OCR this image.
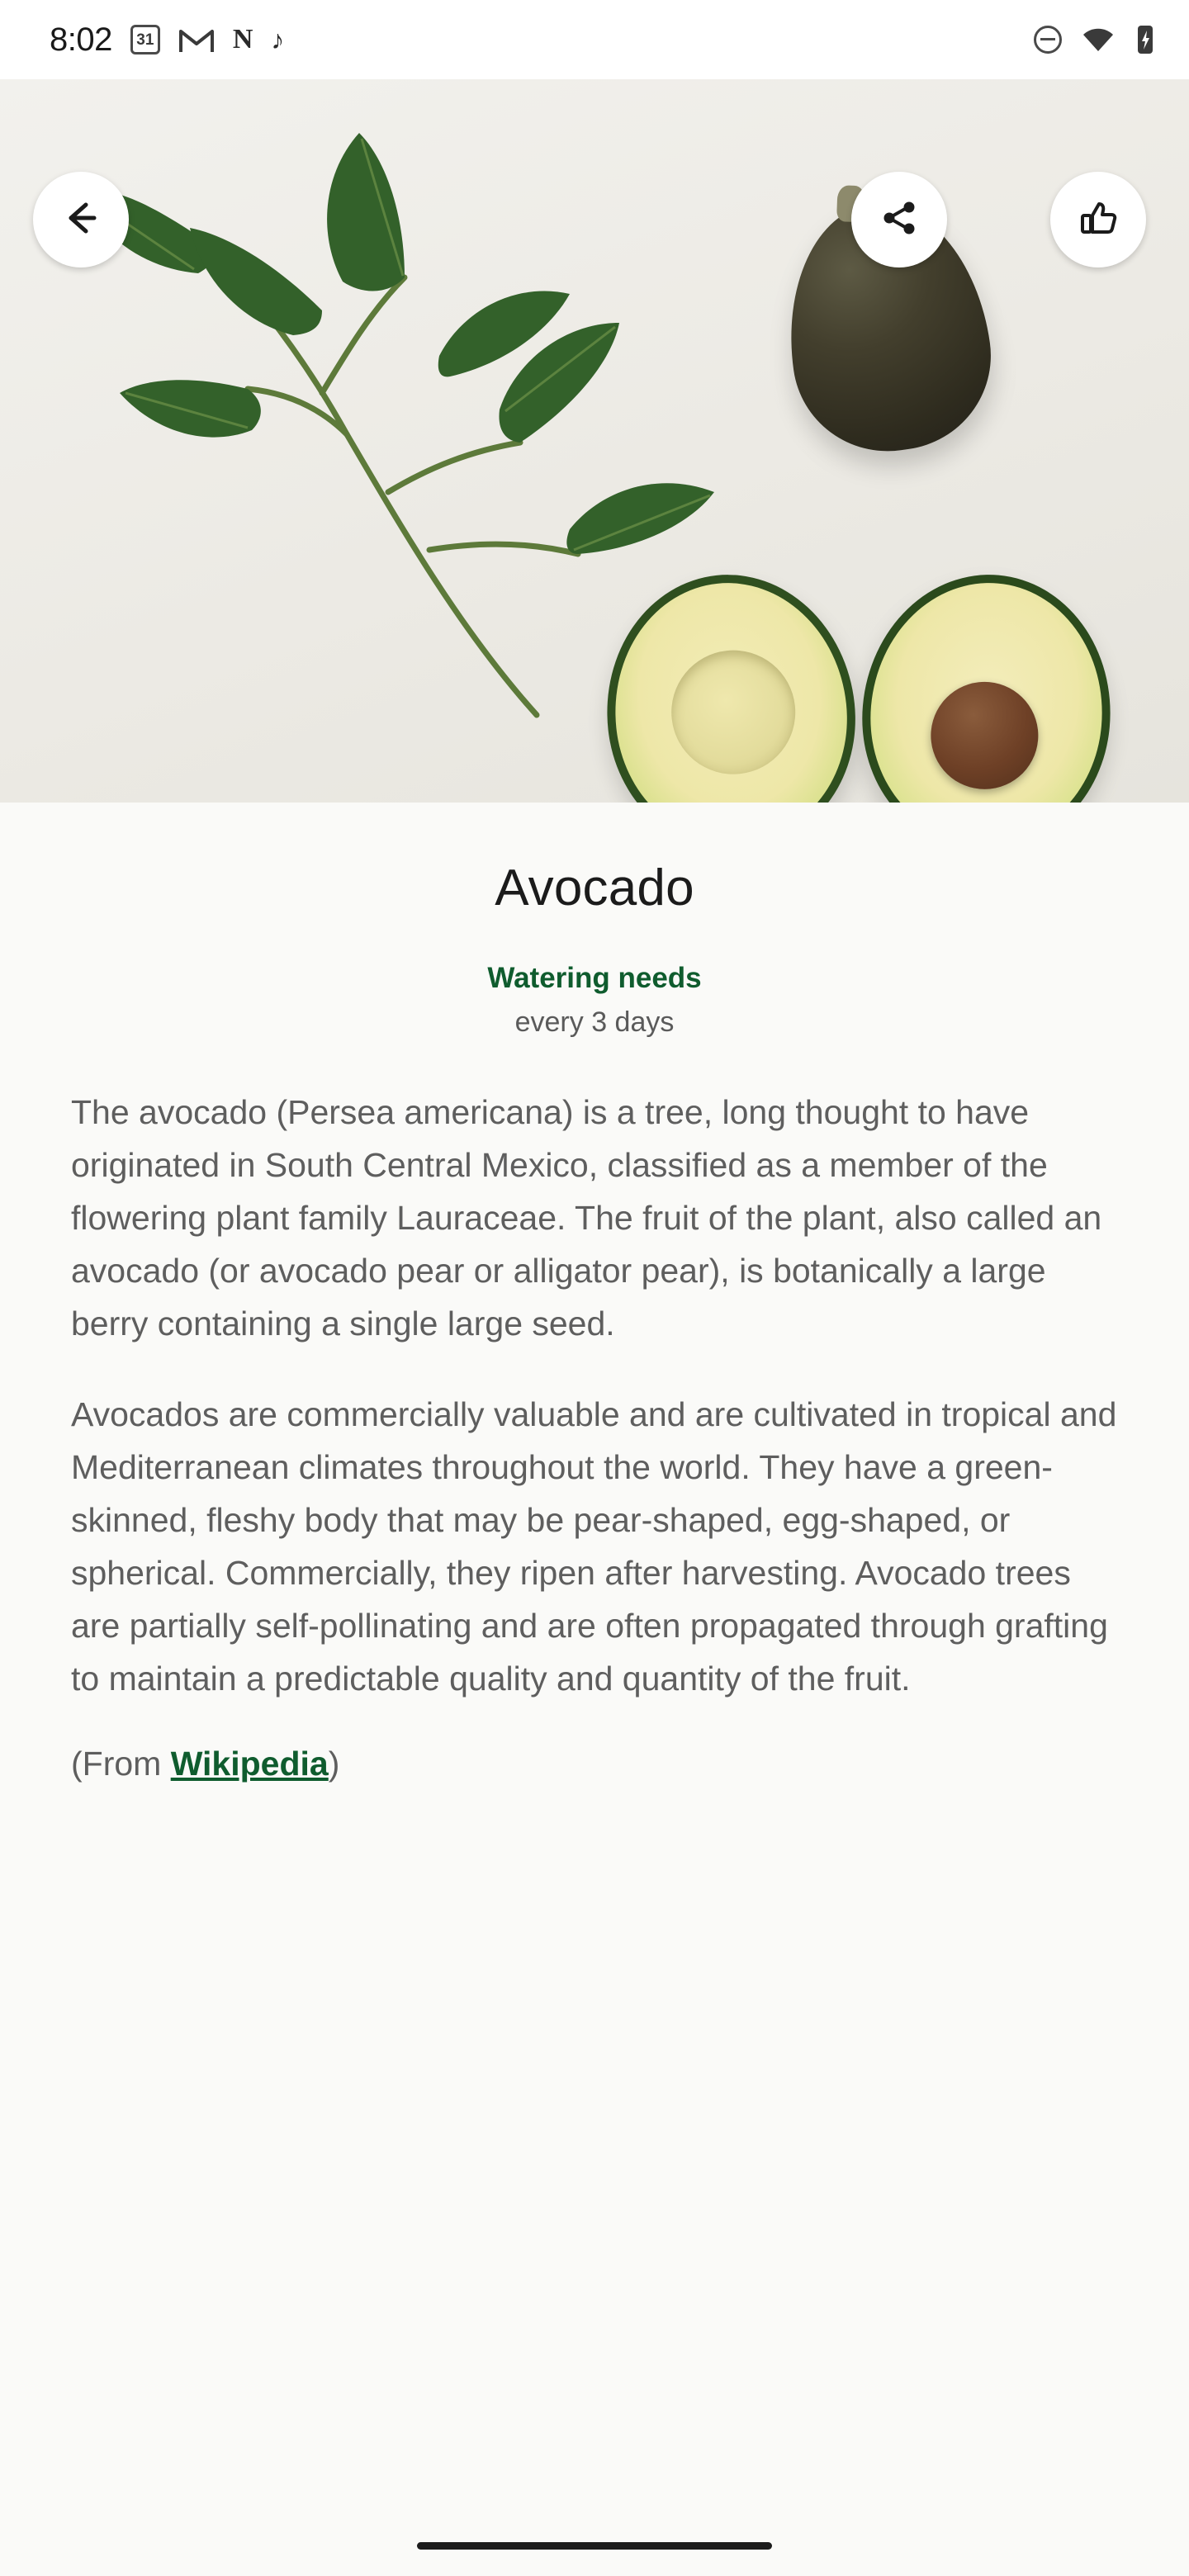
8:02	31	N ♪
Avocado
Watering needs
every 3 days

The avocado (Persea americana) is a tree, long thought to have originated in South Central Mexico, classified as a member of the flowering plant family Lauraceae. The fruit of the plant, also called an avocado (or avocado pear or alligator pear), is botanically a large berry containing a single large seed.

Avocados are commercially valuable and are cultivated in tropical and Mediterranean climates throughout the world. They have a green-skinned, fleshy body that may be pear-shaped, egg-shaped, or spherical. Commercially, they ripen after harvesting. Avocado trees are partially self-pollinating and are often propagated through grafting to maintain a predictable quality and quantity of the fruit.

(From Wikipedia)
